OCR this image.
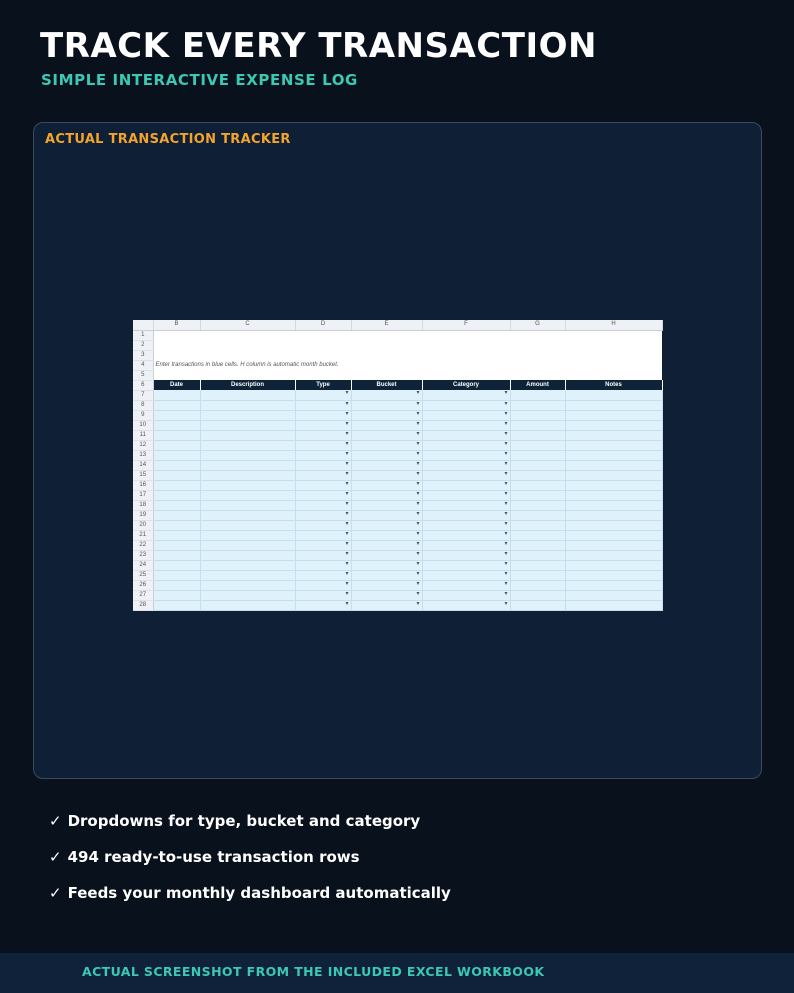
TRACK EVERY TRANSACTION
SIMPLE INTERACTIVE EXPENSE LOG
ACTUAL TRANSACTION TRACKER
	B	C	D	E	F	G	H
1							
2							
3							
4	Enter transactions in blue cells. H column is automatic month bucket.						
5							
6	Date	Description	Type	Bucket	Category	Amount	Notes
7			▾	▾	▾		
8			▾	▾	▾		
9			▾	▾	▾		
10			▾	▾	▾		
11			▾	▾	▾		
12			▾	▾	▾		
13			▾	▾	▾		
14			▾	▾	▾		
15			▾	▾	▾		
16			▾	▾	▾		
17			▾	▾	▾		
18			▾	▾	▾		
19			▾	▾	▾		
20			▾	▾	▾		
21			▾	▾	▾		
22			▾	▾	▾		
23			▾	▾	▾		
24			▾	▾	▾		
25			▾	▾	▾		
26			▾	▾	▾		
27			▾	▾	▾		
28			▾	▾	▾		
✓ Dropdowns for type, bucket and category
✓ 494 ready-to-use transaction rows
✓ Feeds your monthly dashboard automatically
ACTUAL SCREENSHOT FROM THE INCLUDED EXCEL WORKBOOK
